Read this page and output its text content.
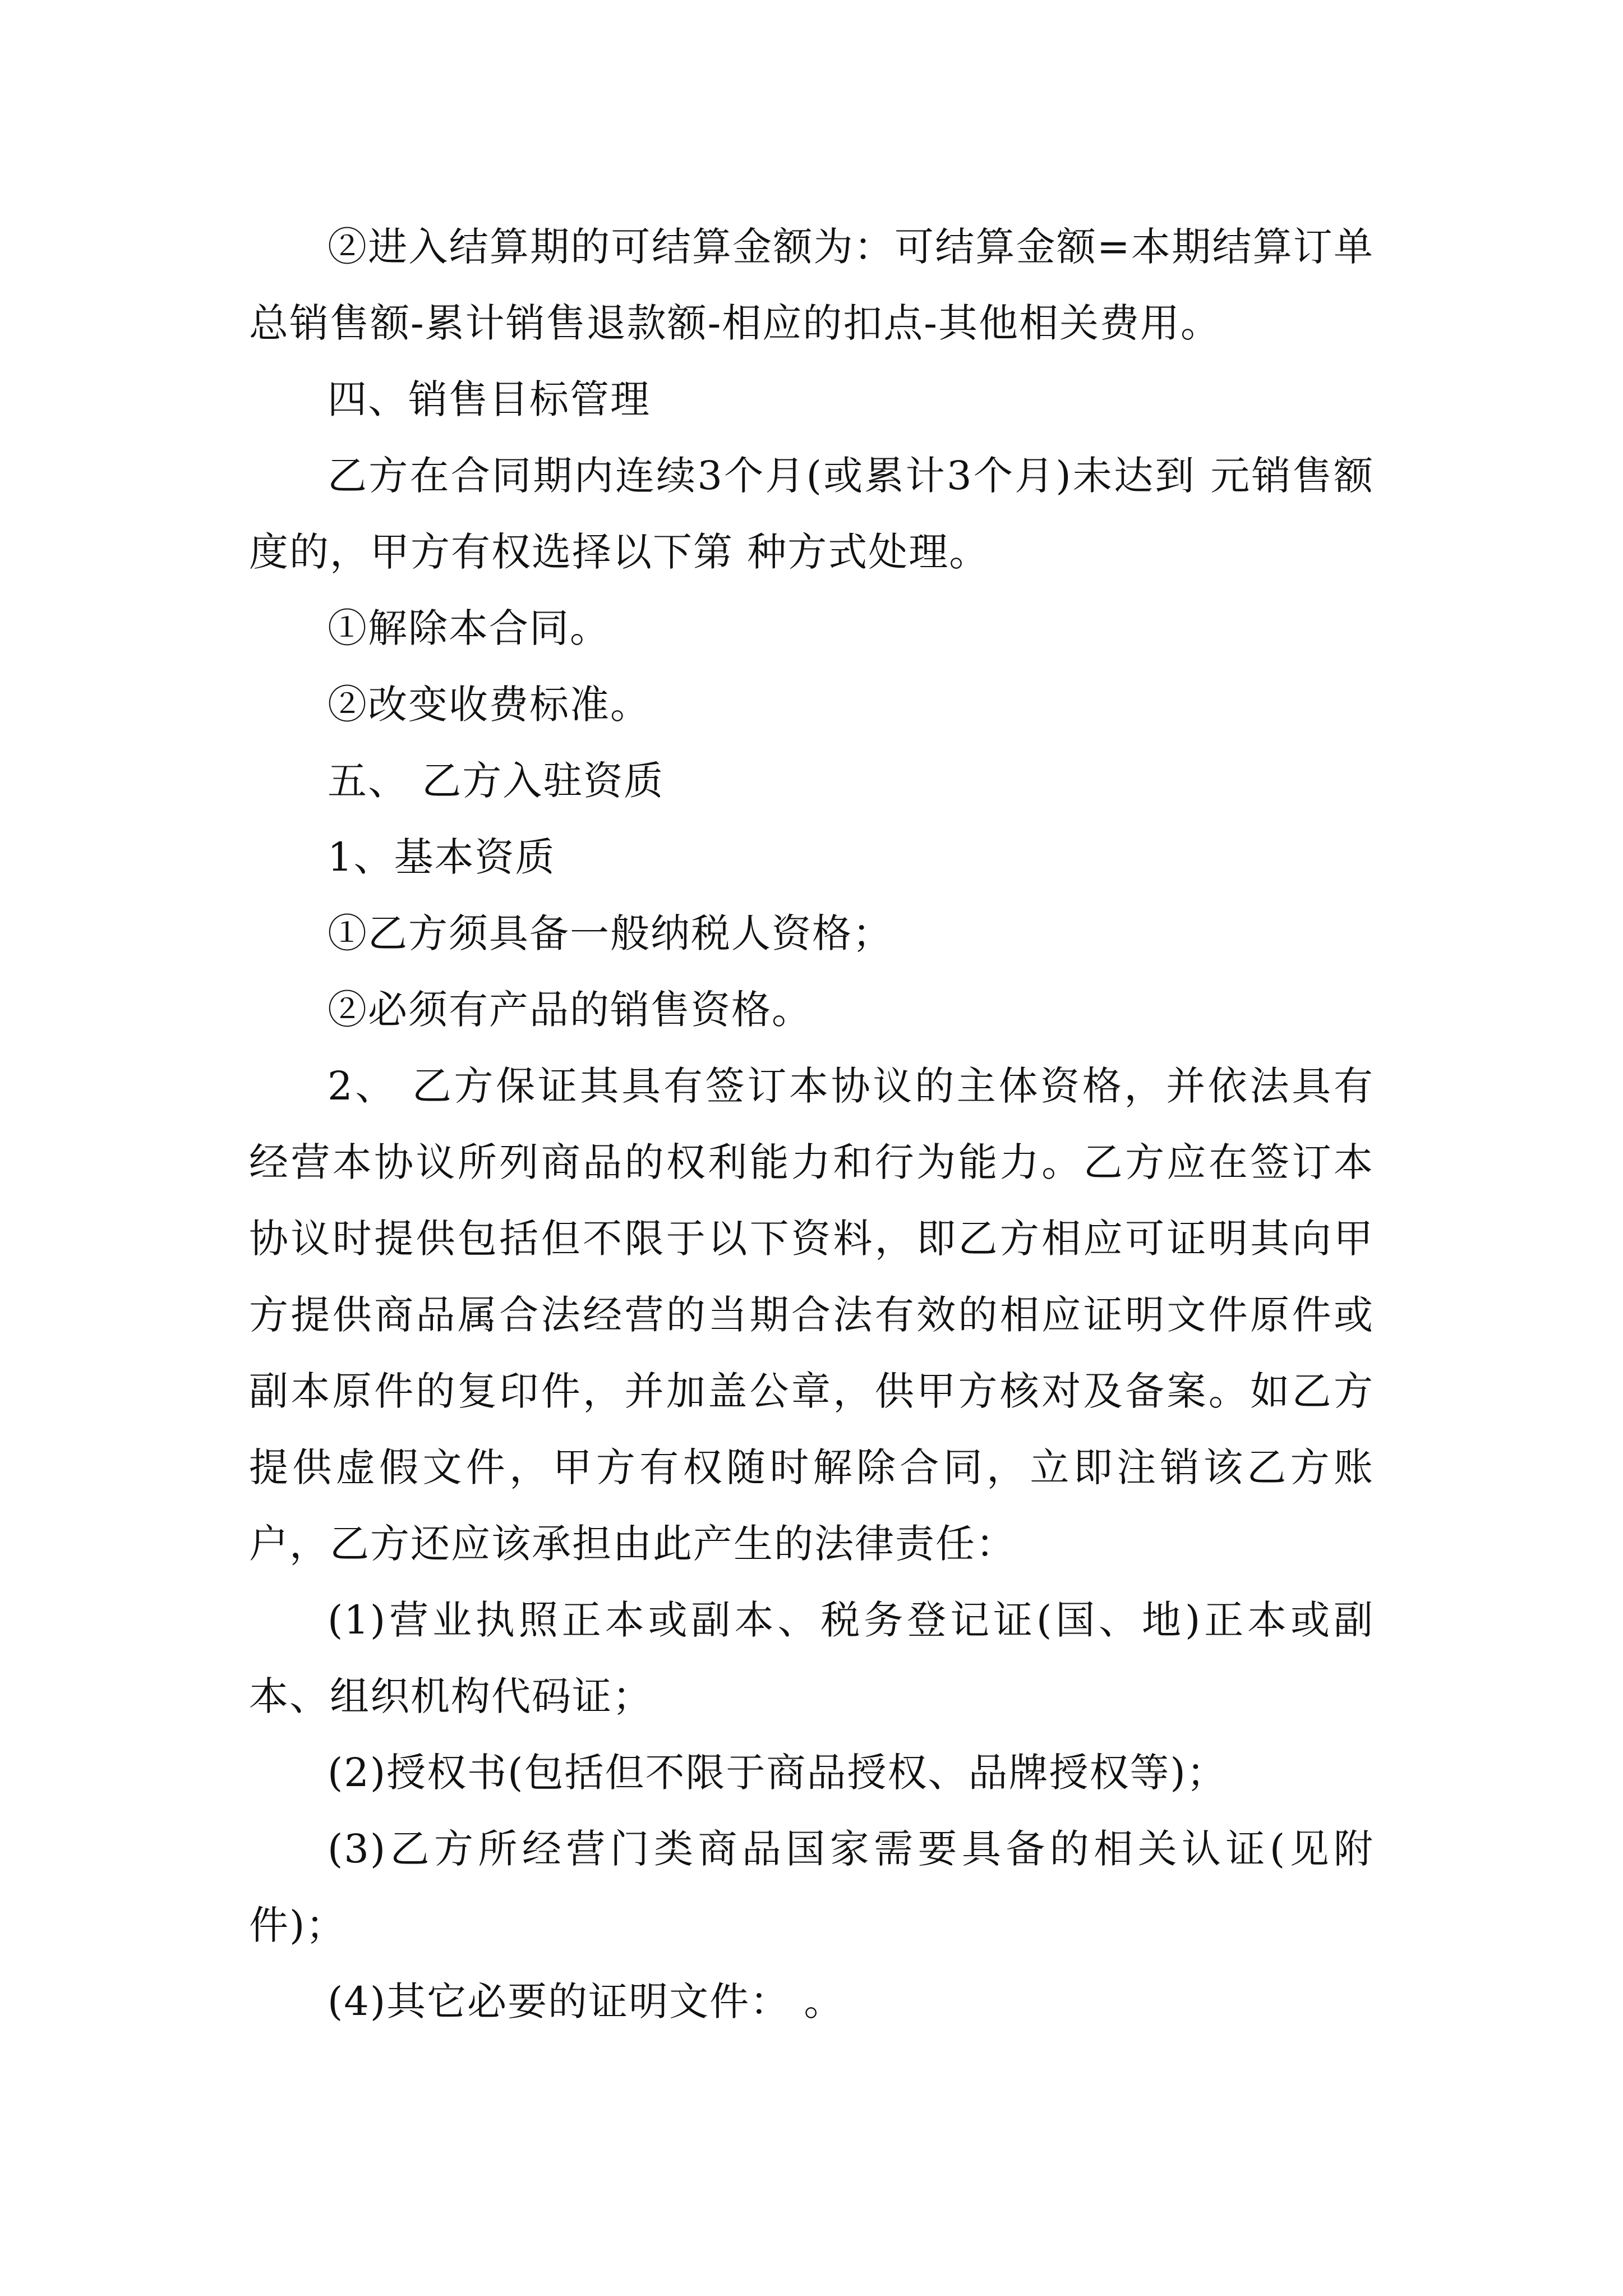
②进入结算期的可结算金额为：可结算金额=本期结算订单总销售额-累计销售退款额-相应的扣点-其他相关费用。

四、销售目标管理

乙方在合同期内连续3个月(或累计3个月)未达到 元销售额度的，甲方有权选择以下第 种方式处理。

①解除本合同。

②改变收费标准。

五、 乙方入驻资质

1、基本资质

①乙方须具备一般纳税人资格；

②必须有产品的销售资格。

2、 乙方保证其具有签订本协议的主体资格，并依法具有经营本协议所列商品的权利能力和行为能力。乙方应在签订本协议时提供包括但不限于以下资料，即乙方相应可证明其向甲方提供商品属合法经营的当期合法有效的相应证明文件原件或副本原件的复印件，并加盖公章，供甲方核对及备案。如乙方提供虚假文件，甲方有权随时解除合同，立即注销该乙方账户，乙方还应该承担由此产生的法律责任：

(1)营业执照正本或副本、税务登记证(国、地)正本或副本、组织机构代码证；

(2)授权书(包括但不限于商品授权、品牌授权等)；

(3)乙方所经营门类商品国家需要具备的相关认证(见附件)；

(4)其它必要的证明文件： 。
